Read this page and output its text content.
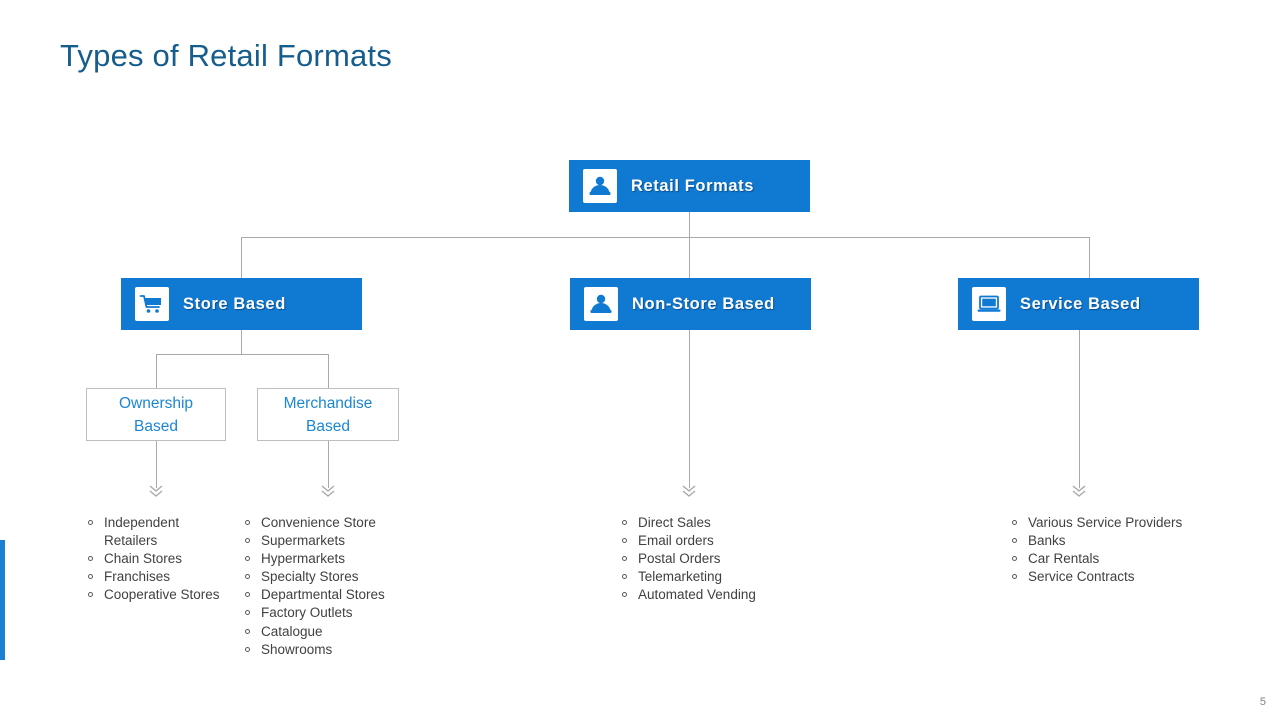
Types of Retail Formats
Retail Formats
Store Based	Non-Store Based	Service Based
Ownership
Based
Merchandise
Based
Independent Retailers
Chain Stores
Franchises
Cooperative Stores
Convenience Store
Supermarkets
Hypermarkets
Specialty Stores
Departmental Stores
Factory Outlets
Catalogue
Showrooms
Direct Sales
Email orders
Postal Orders
Telemarketing
Automated Vending
Various Service Providers
Banks
Car Rentals
Service Contracts
5
